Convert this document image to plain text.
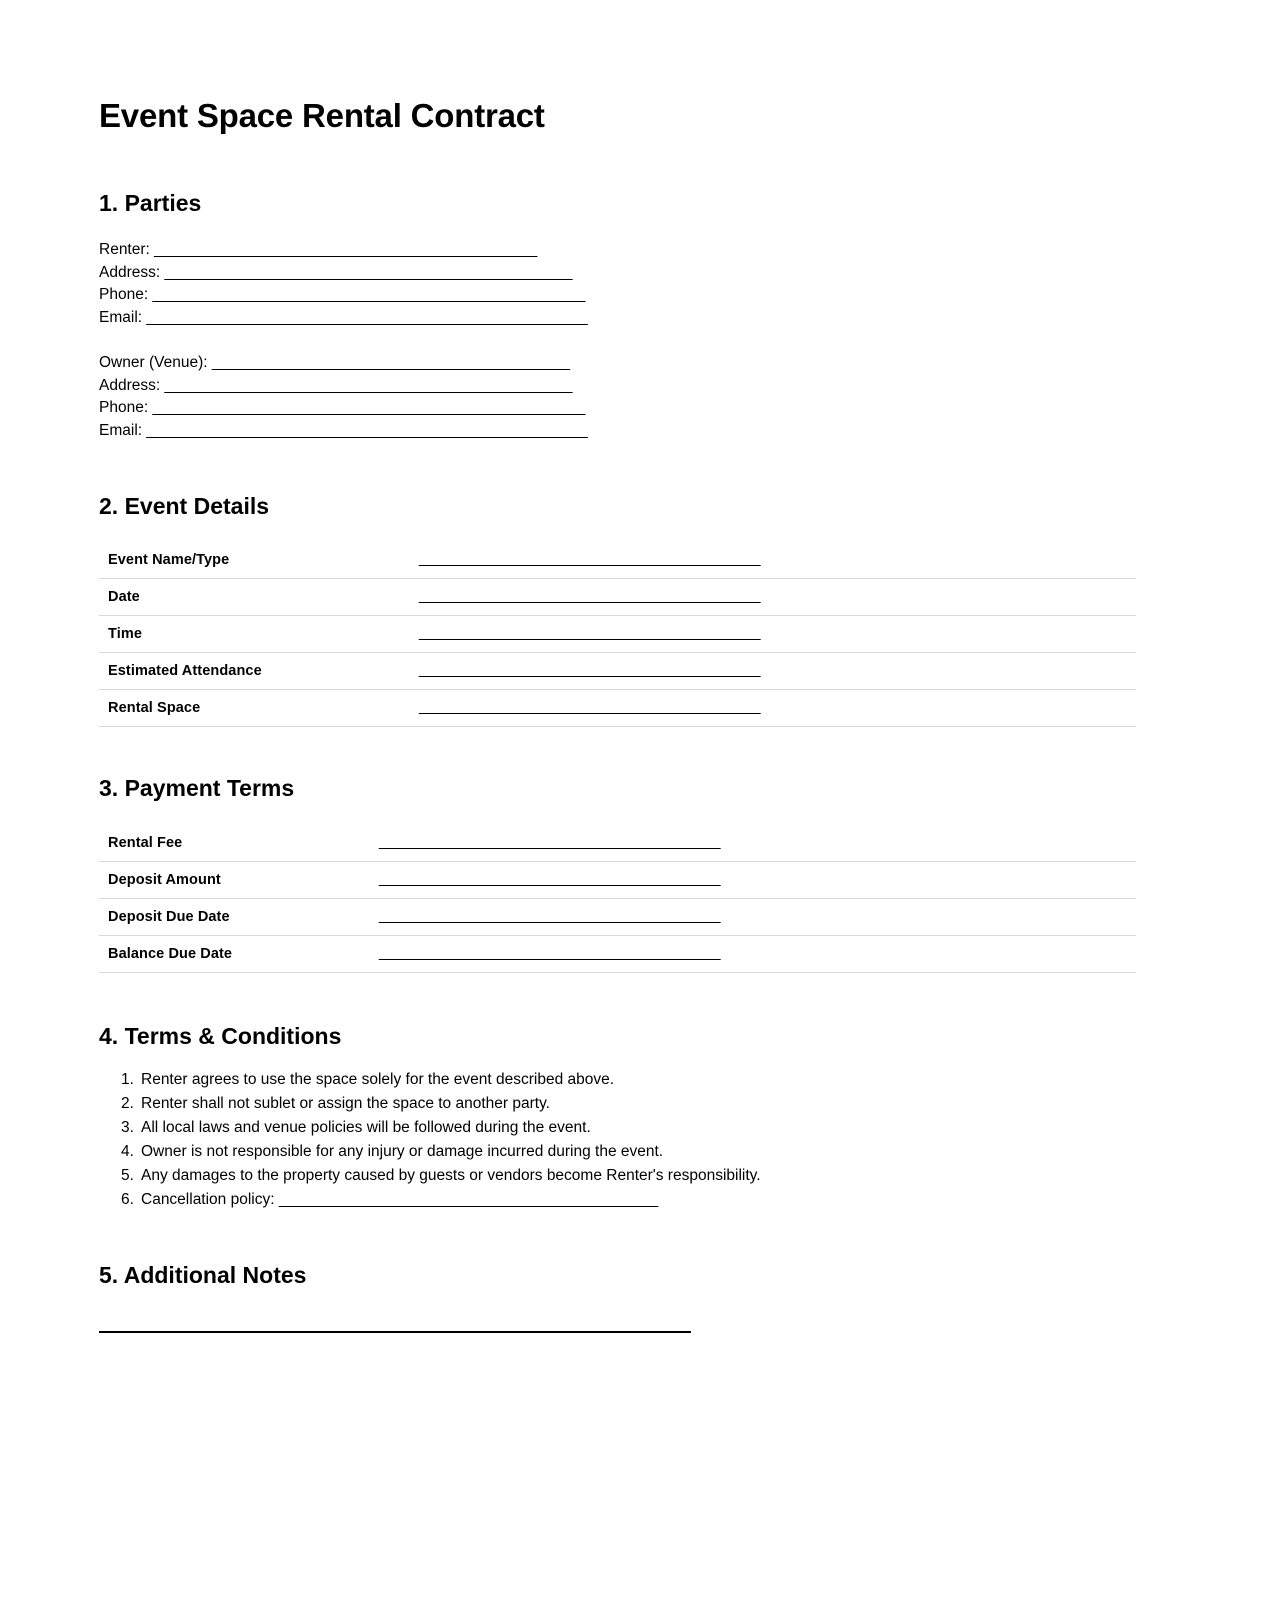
Event Space Rental Contract
1. Parties
Renter: ______________________________________________
Address: _________________________________________________
Phone: ____________________________________________________
Email: _____________________________________________________
Owner (Venue): ___________________________________________
Address: _________________________________________________
Phone: ____________________________________________________
Email: _____________________________________________________
2. Event Details
Event Name/Type	_________________________________________
Date	_________________________________________
Time	_________________________________________
Estimated Attendance	_________________________________________
Rental Space	_________________________________________
3. Payment Terms
Rental Fee	_________________________________________
Deposit Amount	_________________________________________
Deposit Due Date	_________________________________________
Balance Due Date	_________________________________________
4. Terms & Conditions
1. Renter agrees to use the space solely for the event described above.
2. Renter shall not sublet or assign the space to another party.
3. All local laws and venue policies will be followed during the event.
4. Owner is not responsible for any injury or damage incurred during the event.
5. Any damages to the property caused by guests or vendors become Renter's responsibility.
6. Cancellation policy: ____________________________________________
5. Additional Notes
